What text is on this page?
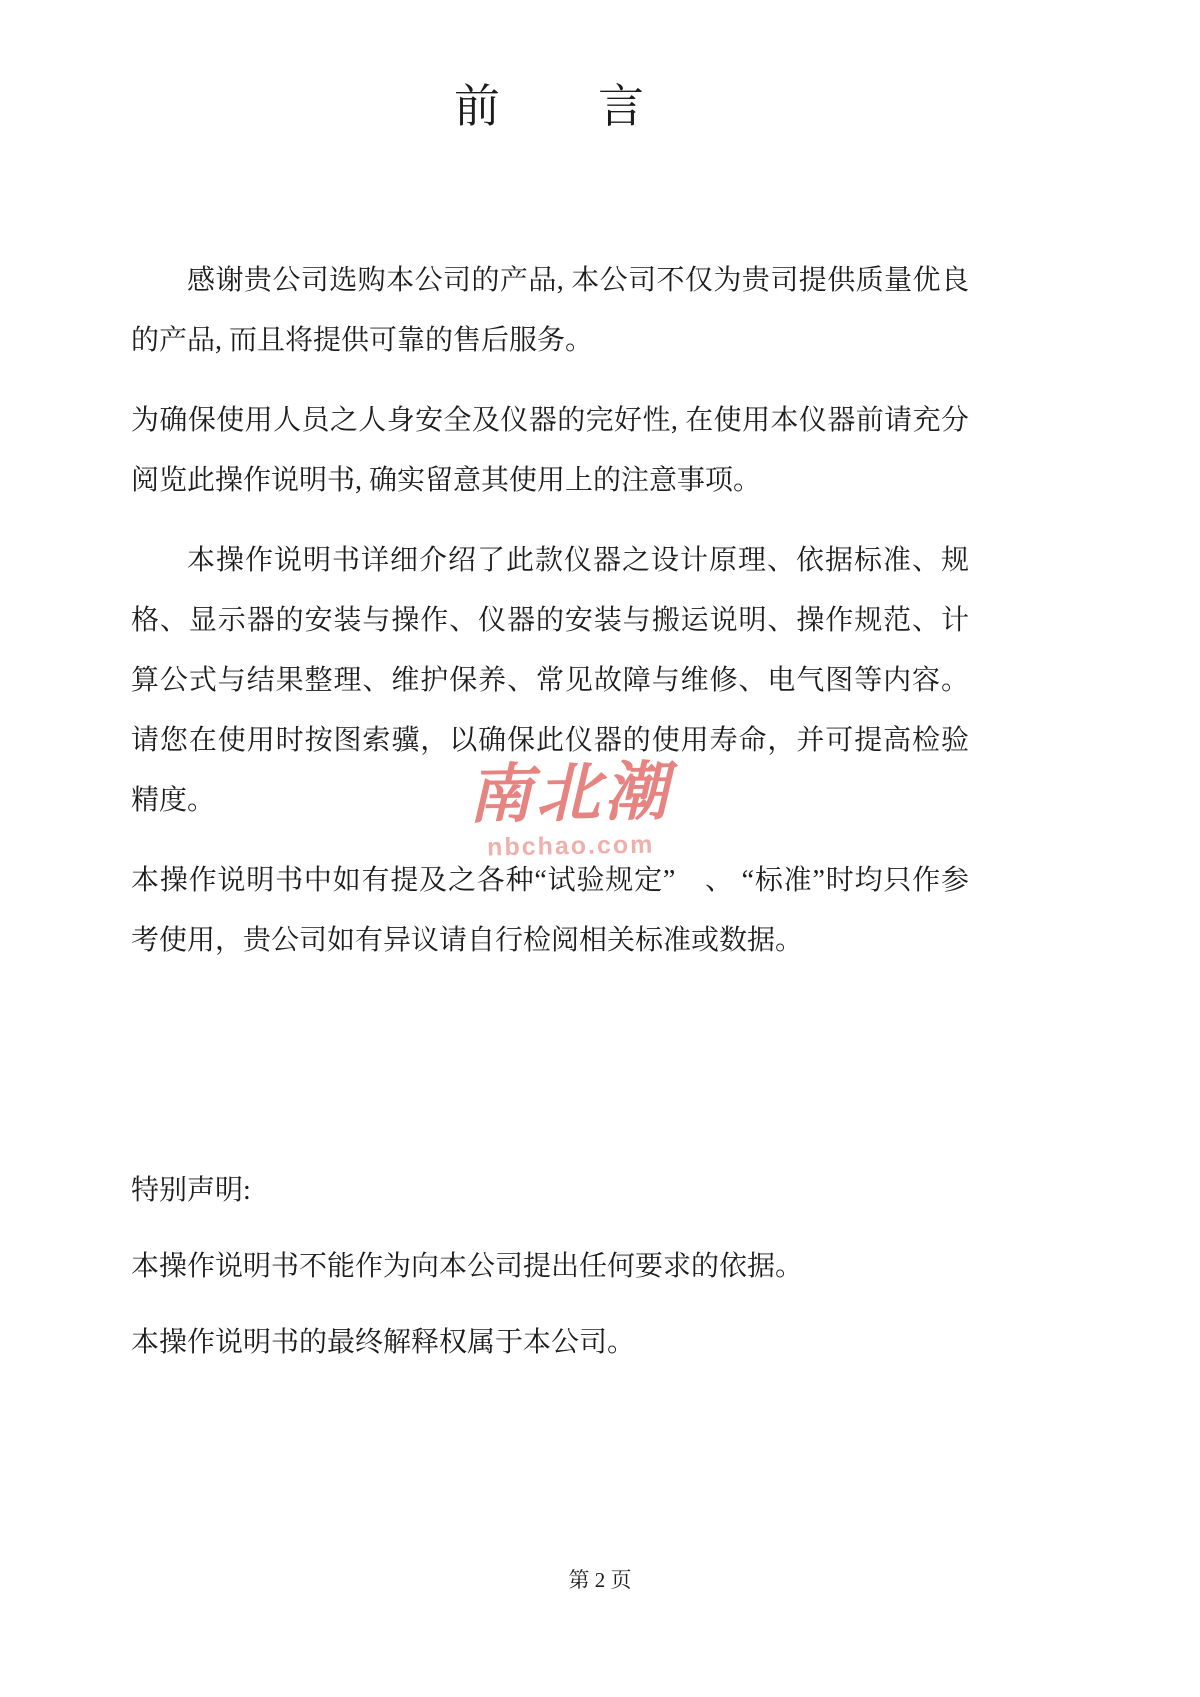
南北潮
nbchao.com
前　　言

感谢贵公司选购本公司的产品, 本公司不仅为贵司提供质量优良的产品, 而且将提供可靠的售后服务。

为确保使用人员之人身安全及仪器的完好性, 在使用本仪器前请充分阅览此操作说明书, 确实留意其使用上的注意事项。

本操作说明书详细介绍了此款仪器之设计原理、依据标准、规格、显示器的安装与操作、仪器的安装与搬运说明、操作规范、计算公式与结果整理、维护保养、常见故障与维修、电气图等内容。请您在使用时按图索骥，以确保此仪器的使用寿命，并可提高检验精度。

本操作说明书中如有提及之各种“试验规定”　、 “标准”时均只作参考使用，贵公司如有异议请自行检阅相关标准或数据。

特别声明:

本操作说明书不能作为向本公司提出任何要求的依据。

本操作说明书的最终解释权属于本公司。

第 2 页
